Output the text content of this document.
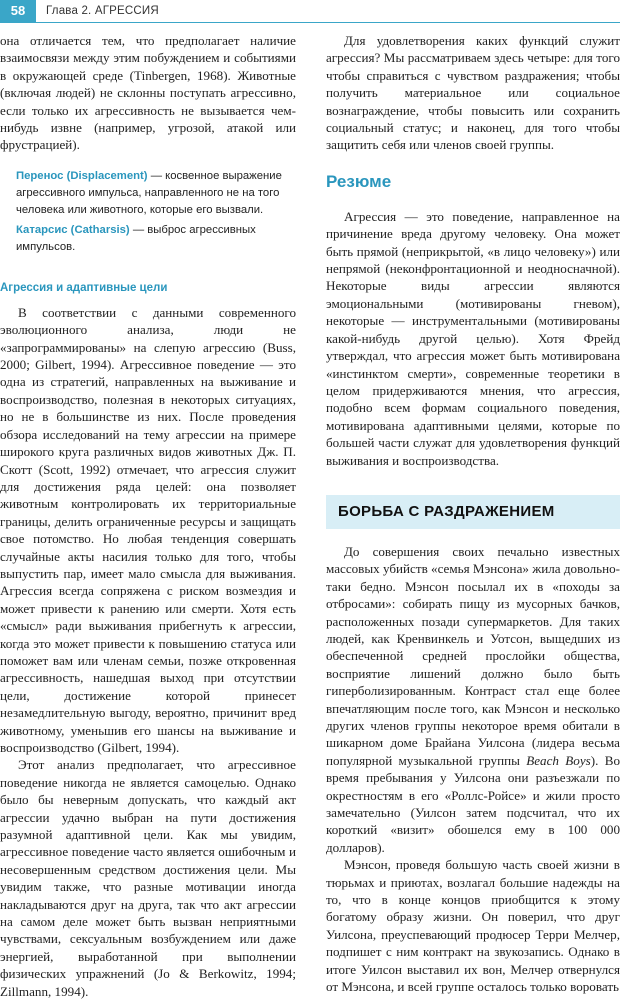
58	Глава 2. АГРЕССИЯ

она отличается тем, что предполагает наличие взаимосвязи между этим побуждением и событиями в окружающей среде (Tinbergen, 1968). Животные (включая людей) не склонны поступать агрессивно, если только их агрессивность не вызывается чем-нибудь извне (например, угрозой, атакой или фрустрацией).

Перенос (Displacement) — косвенное выражение агрессивного импульса, направленного не на того человека или животного, которые его вызвали.
Катарсис (Catharsis) — выброс агрессивных импульсов.
Агрессия и адаптивные цели

В соответствии с данными современного эволюционного анализа, люди не «запрограммированы» на слепую агрессию (Buss, 2000; Gilbert, 1994). Агрессивное поведение — это одна из стратегий, направленных на выживание и воспроизводство, полезная в некоторых ситуациях, но не в большинстве из них. После проведения обзора исследований на тему агрессии на примере широкого круга различных видов животных Дж. П. Скотт (Scott, 1992) отмечает, что агрессия служит для достижения ряда целей: она позволяет животным контролировать их территориальные границы, делить ограниченные ресурсы и защищать свое потомство. Но любая тенденция совершать случайные акты насилия только для того, чтобы выпустить пар, имеет мало смысла для выживания. Агрессия всегда сопряжена с риском возмездия и может привести к ранению или смерти. Хотя есть «смысл» ради выживания прибегнуть к агрессии, когда это может привести к повышению статуса или поможет вам или членам семьи, позже откровенная агрессивность, нашедшая выход при отсутствии цели, достижение которой принесет незамедлительную выгоду, вероятно, причинит вред животному, уменьшив его шансы на выживание и воспроизводство (Gilbert, 1994).

Этот анализ предполагает, что агрессивное поведение никогда не является самоцелью. Однако было бы неверным допускать, что каждый акт агрессии удачно выбран на пути достижения разумной адаптивной цели. Как мы увидим, агрессивное поведение часто является ошибочным и несовершенным средством достижения цели. Мы увидим также, что разные мотивации иногда накладываются друг на друга, так что акт агрессии на самом деле может быть вызван неприятными чувствами, сексуальным возбуждением или даже энергией, выработанной при выполнении физических упражнений (Jo & Berkowitz, 1994; Zillmann, 1994).

Для удовлетворения каких функций служит агрессия? Мы рассматриваем здесь четыре: для того чтобы справиться с чувством раздражения; чтобы получить материальное или социальное вознаграждение, чтобы повысить или сохранить социальный статус; и наконец, для того чтобы защитить себя или членов своей группы.

Резюме

Агрессия — это поведение, направленное на причинение вреда другому человеку. Она может быть прямой (неприкрытой, «в лицо человеку») или непрямой (неконфронтационной и неодносначной). Некоторые виды агрессии являются эмоциональными (мотивированы гневом), некоторые — инструментальными (мотивированы какой-нибудь другой целью). Хотя Фрейд утверждал, что агрессия может быть мотивирована «инстинктом смерти», современные теоретики в целом придерживаются мнения, что агрессия, подобно всем формам социального поведения, мотивирована адаптивными целями, которые по большей части служат для удовлетворения функций выживания и воспроизводства.

БОРЬБА С РАЗДРАЖЕНИЕМ

До совершения своих печально известных массовых убийств «семья Мэнсона» жила довольно-таки бедно. Мэнсон посылал их в «походы за отбросами»: собирать пищу из мусорных бачков, расположенных позади супермаркетов. Для таких людей, как Кренвинкель и Уотсон, выщедших из обеспеченной средней прослойки общества, восприятие лишений должно было быть гиперболизированным. Контраст стал еще более впечатляющим после того, как Мэнсон и несколько других членов группы некоторое время обитали в шикарном доме Брайана Уилсона (лидера весьма популярной музыкальной группы Beach Boys). Во время пребывания у Уилсона они разъезжали по окрестностям в его «Роллс-Ройсе» и жили просто замечательно (Уилсон затем подсчитал, что их короткий «визит» обошелся ему в 100 000 долларов).

Мэнсон, проведя большую часть своей жизни в тюрьмах и приютах, возлагал большие надежды на то, что в конце концов приобщится к этому богатому образу жизни. Он поверил, что друг Уилсона, преуспевающий продюсер Терри Мелчер, подпишет с ним контракт на звукозапись. Однако в итоге Уилсон выставил их вон, Мелчер отвернулся от Мэнсона, и всей группе осталось только воровать
